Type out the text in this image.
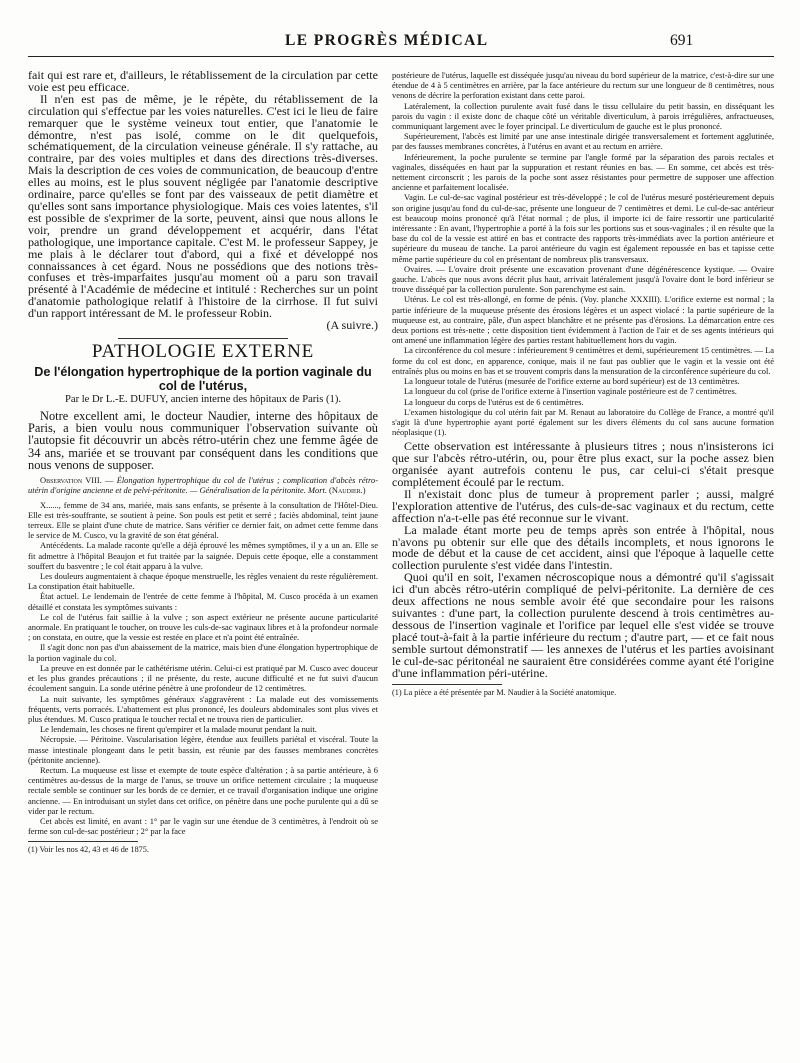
LE PROGRÈS MÉDICAL	691

fait qui est rare et, d'ailleurs, le rétablissement de la circulation par cette voie est peu efficace.

Il n'en est pas de même, je le répète, du rétablissement de la circulation qui s'effectue par les voies naturelles. C'est ici le lieu de faire remarquer que le système veineux tout entier, que l'anatomie le démontre, n'est pas isolé, comme on le dit quelquefois, schématiquement, de la circulation veineuse générale. Il s'y rattache, au contraire, par des voies multiples et dans des directions très-diverses. Mais la description de ces voies de communication, de beaucoup d'entre elles au moins, est le plus souvent négligée par l'anatomie descriptive ordinaire, parce qu'elles se font par des vaisseaux de petit diamètre et qu'elles sont sans importance physiologique. Mais ces voies latentes, s'il est possible de s'exprimer de la sorte, peuvent, ainsi que nous allons le voir, prendre un grand développement et acquérir, dans l'état pathologique, une importance capitale. C'est M. le professeur Sappey, je me plais à le déclarer tout d'abord, qui a fixé et développé nos connaissances à cet égard. Nous ne possédions que des notions très-confuses et très-imparfaites jusqu'au moment où a paru son travail présenté à l'Académie de médecine et intitulé : Recherches sur un point d'anatomie pathologique relatif à l'histoire de la cirrhose. Il fut suivi d'un rapport intéressant de M. le professeur Robin.

(A suivre.)

PATHOLOGIE EXTERNE
De l'élongation hypertrophique de la portion vaginale du col de l'utérus,
Par le Dr L.-E. DUFUY, ancien interne des hôpitaux de Paris (1).

Notre excellent ami, le docteur Naudier, interne des hôpitaux de Paris, a bien voulu nous communiquer l'observation suivante où l'autopsie fit découvrir un abcès rétro-utérin chez une femme âgée de 34 ans, mariée et se trouvant par conséquent dans les conditions que nous venons de supposer.

Observation VIII. — Élongation hypertrophique du col de l'utérus ; complication d'abcès rétro-utérin d'origine ancienne et de pelvi-péritonite. — Généralisation de la péritonite. Mort. (Naudier.)

X......, femme de 34 ans, mariée, mais sans enfants, se présente à la consultation de l'Hôtel-Dieu. Elle est très-souffrante, se soutient à peine. Son pouls est petit et serré ; faciès abdominal, teint jaune terreux. Elle se plaint d'une chute de matrice. Sans vérifier ce dernier fait, on admet cette femme dans le service de M. Cusco, vu la gravité de son état général.

Antécédents. La malade raconte qu'elle a déjà éprouvé les mêmes symptômes, il y a un an. Elle se fit admettre à l'hôpital Beaujon et fut traitée par la saignée. Depuis cette époque, elle a constamment souffert du basventre ; le col était apparu à la vulve.

Les douleurs augmentaient à chaque époque menstruelle, les règles venaient du reste régulièrement. La constipation était habituelle.

État actuel. Le lendemain de l'entrée de cette femme à l'hôpital, M. Cusco procéda à un examen détaillé et constata les symptômes suivants :

Le col de l'utérus fait saillie à la vulve ; son aspect extérieur ne présente aucune particularité anormale. En pratiquant le toucher, on trouve les culs-de-sac vaginaux libres et à la profondeur normale ; on constata, en outre, que la vessie est restée en place et n'a point été entraînée.

Il s'agit donc non pas d'un abaissement de la matrice, mais bien d'une élongation hypertrophique de la portion vaginale du col.

La preuve en est donnée par le cathétérisme utérin. Celui-ci est pratiqué par M. Cusco avec douceur et les plus grandes précautions ; il ne présente, du reste, aucune difficulté et ne fut suivi d'aucun écoulement sanguin. La sonde utérine pénètre à une profondeur de 12 centimètres.

La nuit suivante, les symptômes généraux s'aggravèrent : La malade eut des vomissements fréquents, verts porracés. L'abattement est plus prononcé, les douleurs abdominales sont plus vives et plus étendues. M. Cusco pratiqua le toucher rectal et ne trouva rien de particulier.

Le lendemain, les choses ne firent qu'empirer et la malade mourut pendant la nuit.

Nécropsie. — Péritoine. Vascularisation légère, étendue aux feuillets pariétal et viscéral. Toute la masse intestinale plongeant dans le petit bassin, est réunie par des fausses membranes concrètes (péritonite ancienne).

Rectum. La muqueuse est lisse et exempte de toute espèce d'altération ; à sa partie antérieure, à 6 centimètres au-dessus de la marge de l'anus, se trouve un orifice nettement circulaire ; la muqueuse rectale semble se continuer sur les bords de ce dernier, et ce travail d'organisation indique une origine ancienne. — En introduisant un stylet dans cet orifice, on pénètre dans une poche purulente qui a dû se vider par le rectum.

Cet abcès est limité, en avant : 1° par le vagin sur une étendue de 3 centimètres, à l'endroit où se ferme son cul-de-sac postérieur ; 2° par la face

(1) Voir les nos 42, 43 et 46 de 1875.

postérieure de l'utérus, laquelle est disséquée jusqu'au niveau du bord supérieur de la matrice, c'est-à-dire sur une étendue de 4 à 5 centimètres en arrière, par la face antérieure du rectum sur une longueur de 8 centimètres, nous venons de décrire la perforation existant dans cette paroi.

Latéralement, la collection purulente avait fusé dans le tissu cellulaire du petit bassin, en disséquant les parois du vagin : il existe donc de chaque côté un véritable diverticulum, à parois irrégulières, anfractueuses, communiquant largement avec le foyer principal. Le diverticulum de gauche est le plus prononcé.

Supérieurement, l'abcès est limité par une anse intestinale dirigée transversalement et fortement agglutinée, par des fausses membranes concrètes, à l'utérus en avant et au rectum en arrière.

Inférieurement, la poche purulente se termine par l'angle formé par la séparation des parois rectales et vaginales, disséquées en haut par la suppuration et restant réunies en bas. — En somme, cet abcès est très-nettement circonscrit ; les parois de la poche sont assez résistantes pour permettre de supposer une affection ancienne et parfaitement localisée.

Vagin. Le cul-de-sac vaginal postérieur est très-développé ; le col de l'utérus mesuré postérieurement depuis son origine jusqu'au fond du cul-de-sac, présente une longueur de 7 centimètres et demi. Le cul-de-sac antérieur est beaucoup moins prononcé qu'à l'état normal ; de plus, il importe ici de faire ressortir une particularité intéressante : En avant, l'hypertrophie a porté à la fois sur les portions sus et sous-vaginales ; il en résulte que la base du col de la vessie est attiré en bas et contracte des rapports très-immédiats avec la portion antérieure et supérieure du museau de tanche. La paroi antérieure du vagin est également repoussée en bas et tapisse cette même partie supérieure du col en présentant de nombreux plis transversaux.

Ovaires. — L'ovaire droit présente une excavation provenant d'une dégénérescence kystique. — Ovaire gauche. L'abcès que nous avons décrit plus haut, arrivait latéralement jusqu'à l'ovaire dont le bord inférieur se trouve disséqué par la collection purulente. Son parenchyme est sain.

Utérus. Le col est très-allongé, en forme de pénis. (Voy. planche XXXIII). L'orifice externe est normal ; la partie inférieure de la muqueuse présente des érosions légères et un aspect violacé : la partie supérieure de la muqueuse est, au contraire, pâle, d'un aspect blanchâtre et ne présente pas d'érosions. La démarcation entre ces deux portions est très-nette ; cette disposition tient évidemment à l'action de l'air et de ses agents intérieurs qui ont amené une inflammation légère des parties restant habituellement hors du vagin.

La circonférence du col mesure : inférieurement 9 centimètres et demi, supérieurement 15 centimètres. — La forme du col est donc, en apparence, conique, mais il ne faut pas oublier que le vagin et la vessie ont été entraînés plus ou moins en bas et se trouvent compris dans la mensuration de la circonférence supérieure du col.

La longueur totale de l'utérus (mesurée de l'orifice externe au bord supérieur) est de 13 centimètres.

La longueur du col (prise de l'orifice externe à l'insertion vaginale postérieure est de 7 centimètres.

La longueur du corps de l'utérus est de 6 centimètres.

L'examen histologique du col utérin fait par M. Renaut au laboratoire du Collège de France, a montré qu'il s'agit là d'une hypertrophie ayant porté également sur les divers éléments du col sans aucune formation néoplasique (1).

Cette observation est intéressante à plusieurs titres ; nous n'insisterons ici que sur l'abcès rétro-utérin, ou, pour être plus exact, sur la poche assez bien organisée ayant autrefois contenu le pus, car celui-ci s'était presque complétement écoulé par le rectum.

Il n'existait donc plus de tumeur à proprement parler ; aussi, malgré l'exploration attentive de l'utérus, des culs-de-sac vaginaux et du rectum, cette affection n'a-t-elle pas été reconnue sur le vivant.

La malade étant morte peu de temps après son entrée à l'hôpital, nous n'avons pu obtenir sur elle que des détails incomplets, et nous ignorons le mode de début et la cause de cet accident, ainsi que l'époque à laquelle cette collection purulente s'est vidée dans l'intestin.

Quoi qu'il en soit, l'examen nécroscopique nous a démontré qu'il s'agissait ici d'un abcès rétro-utérin compliqué de pelvi-péritonite. La dernière de ces deux affections ne nous semble avoir été que secondaire pour les raisons suivantes : d'une part, la collection purulente descend à trois centimètres au-dessous de l'insertion vaginale et l'orifice par lequel elle s'est vidée se trouve placé tout-à-fait à la partie inférieure du rectum ; d'autre part, — et ce fait nous semble surtout démonstratif — les annexes de l'utérus et les parties avoisinant le cul-de-sac péritonéal ne sauraient être considérées comme ayant été l'origine d'une inflammation péri-utérine.

(1) La pièce a été présentée par M. Naudier à la Société anatomique.
